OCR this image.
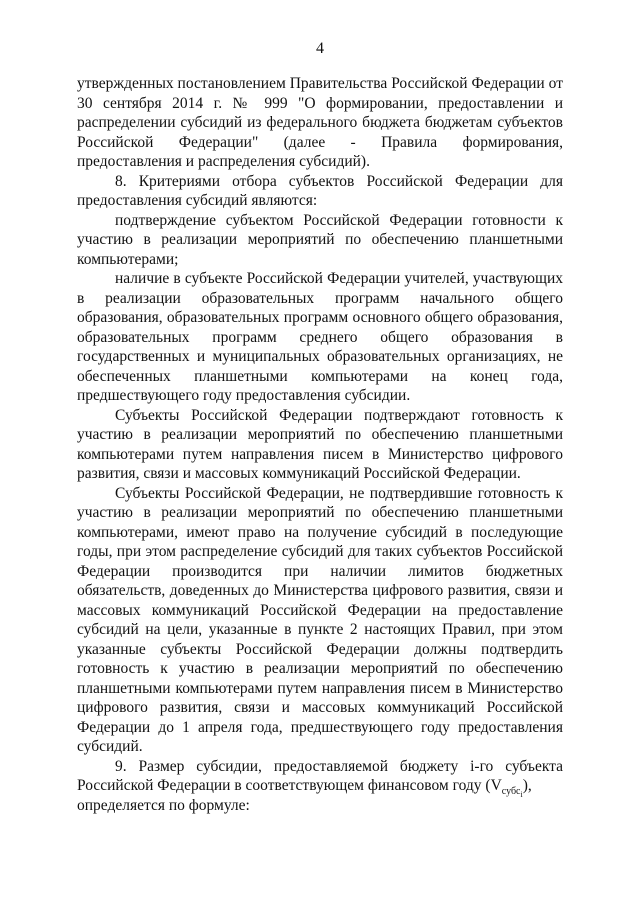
4

утвержденных постановлением Правительства Российской Федерации от 30 сентября 2014 г. № 999 "О формировании, предоставлении и распределении субсидий из федерального бюджета бюджетам субъектов Российской Федерации" (далее - Правила формирования, предоставления и распределения субсидий).

8. Критериями отбора субъектов Российской Федерации для предоставления субсидий являются:

подтверждение субъектом Российской Федерации готовности к участию в реализации мероприятий по обеспечению планшетными компьютерами;

наличие в субъекте Российской Федерации учителей, участвующих в реализации образовательных программ начального общего образования, образовательных программ основного общего образования, образовательных программ среднего общего образования в государственных и муниципальных образовательных организациях, не обеспеченных планшетными компьютерами на конец года, предшествующего году предоставления субсидии.

Субъекты Российской Федерации подтверждают готовность к участию в реализации мероприятий по обеспечению планшетными компьютерами путем направления писем в Министерство цифрового развития, связи и массовых коммуникаций Российской Федерации.

Субъекты Российской Федерации, не подтвердившие готовность к участию в реализации мероприятий по обеспечению планшетными компьютерами, имеют право на получение субсидий в последующие годы, при этом распределение субсидий для таких субъектов Российской Федерации производится при наличии лимитов бюджетных обязательств, доведенных до Министерства цифрового развития, связи и массовых коммуникаций Российской Федерации на предоставление субсидий на цели, указанные в пункте 2 настоящих Правил, при этом указанные субъекты Российской Федерации должны подтвердить готовность к участию в реализации мероприятий по обеспечению планшетными компьютерами путем направления писем в Министерство цифрового развития, связи и массовых коммуникаций Российской Федерации до 1 апреля года, предшествующего году предоставления субсидий.

9. Размер субсидии, предоставляемой бюджету i-го субъекта Российской Федерации в соответствующем финансовом году $(V_{субс_i})$,

определяется по формуле:
